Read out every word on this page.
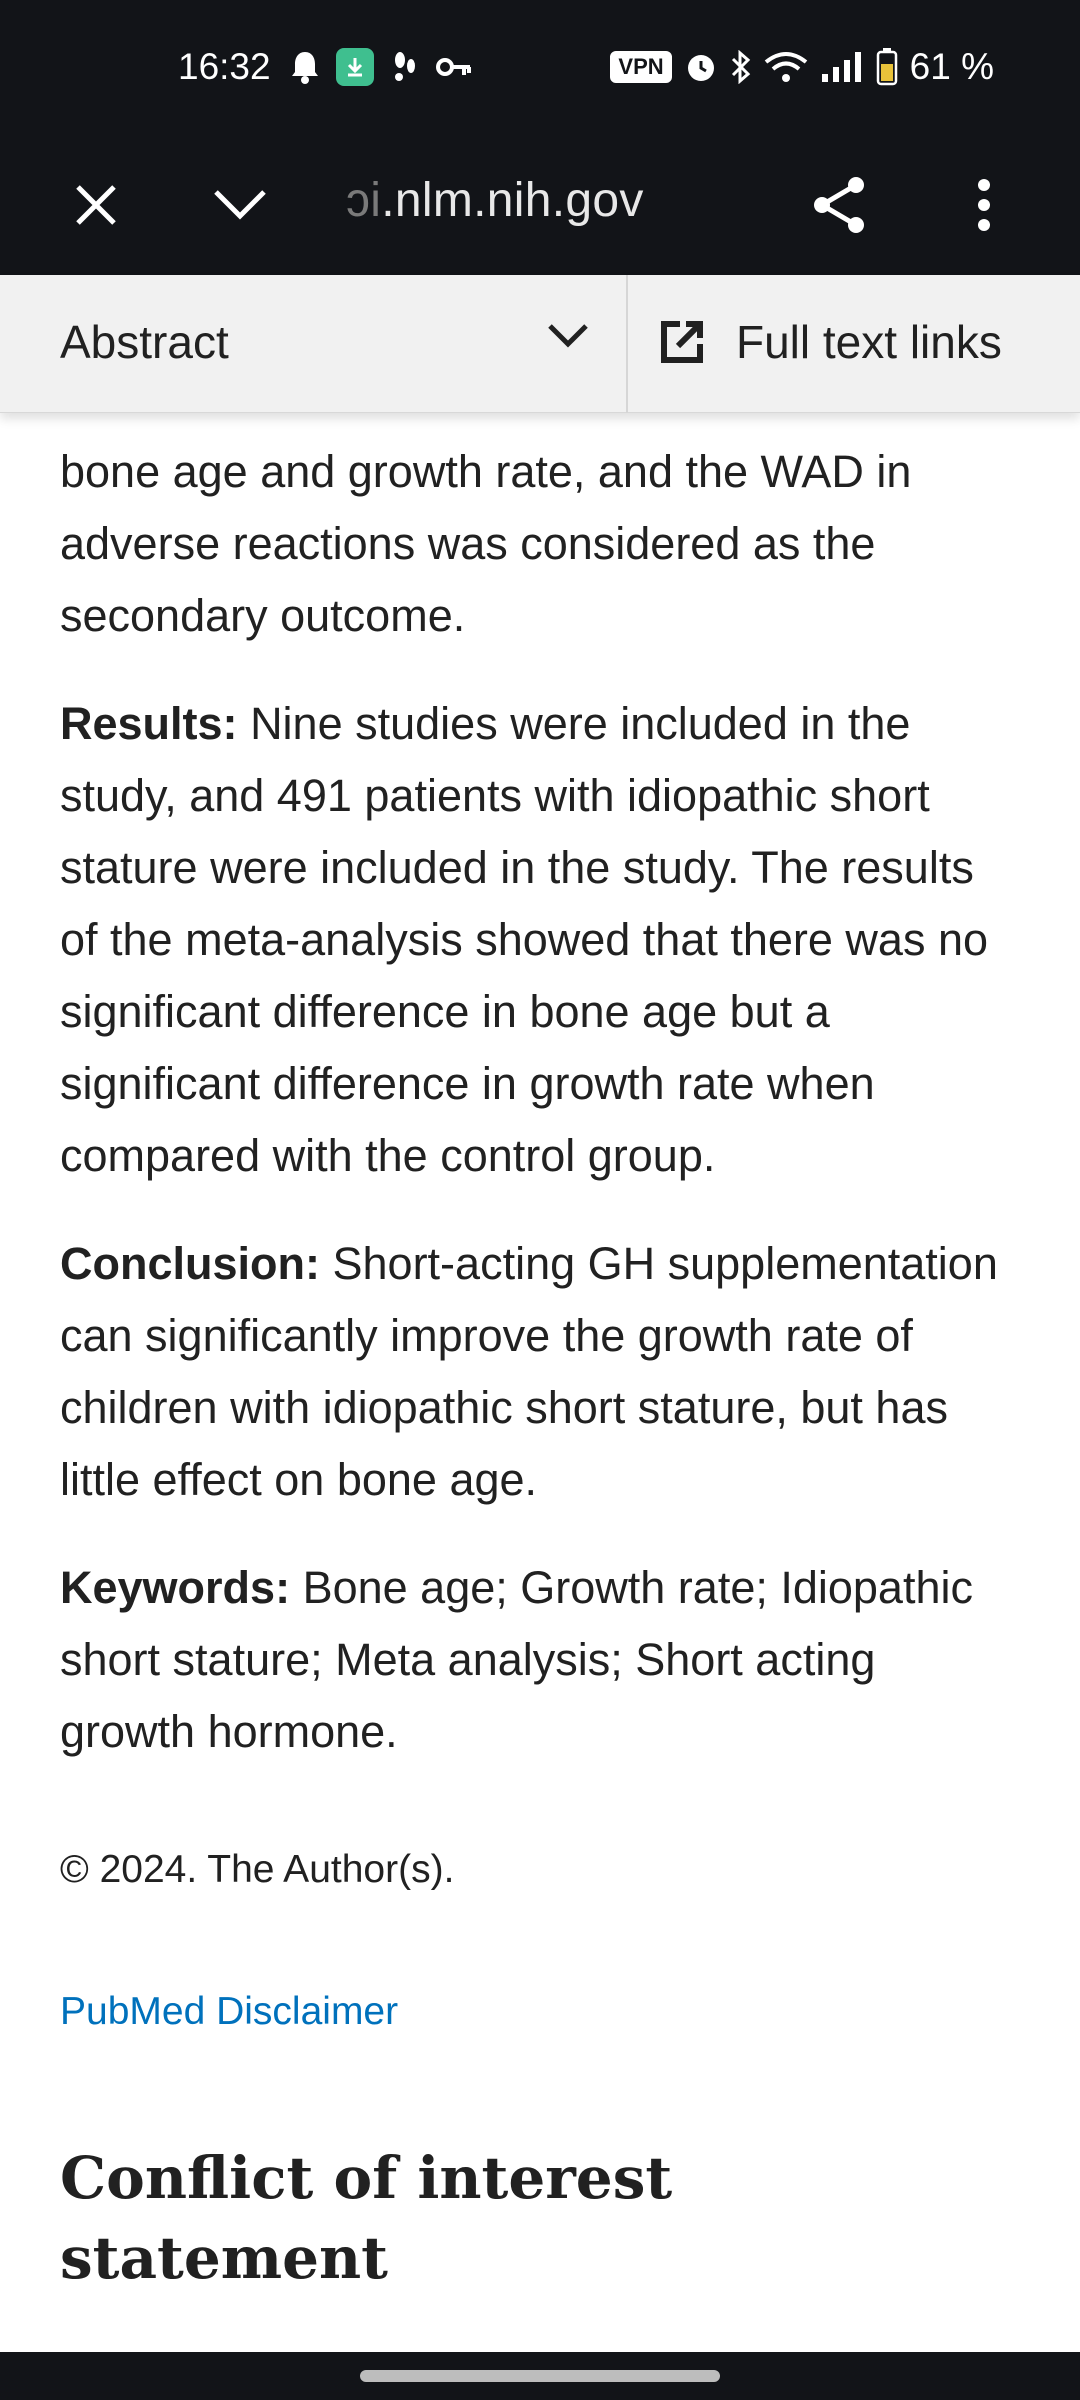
16:32	VPN	61 %
ɔi.nlm.nih.gov
Abstract	Full text links

bone age and growth rate, and the WAD in adverse reactions was considered as the secondary outcome.

Results: Nine studies were included in the study, and 491 patients with idiopathic short stature were included in the study. The results of the meta-analysis showed that there was no significant difference in bone age but a significant difference in growth rate when compared with the control group.

Conclusion: Short-acting GH supplementation can significantly improve the growth rate of children with idiopathic short stature, but has little effect on bone age.

Keywords: Bone age; Growth rate; Idiopathic short stature; Meta analysis; Short acting growth hormone.

© 2024. The Author(s).

PubMed Disclaimer

Conflict of interest statement
